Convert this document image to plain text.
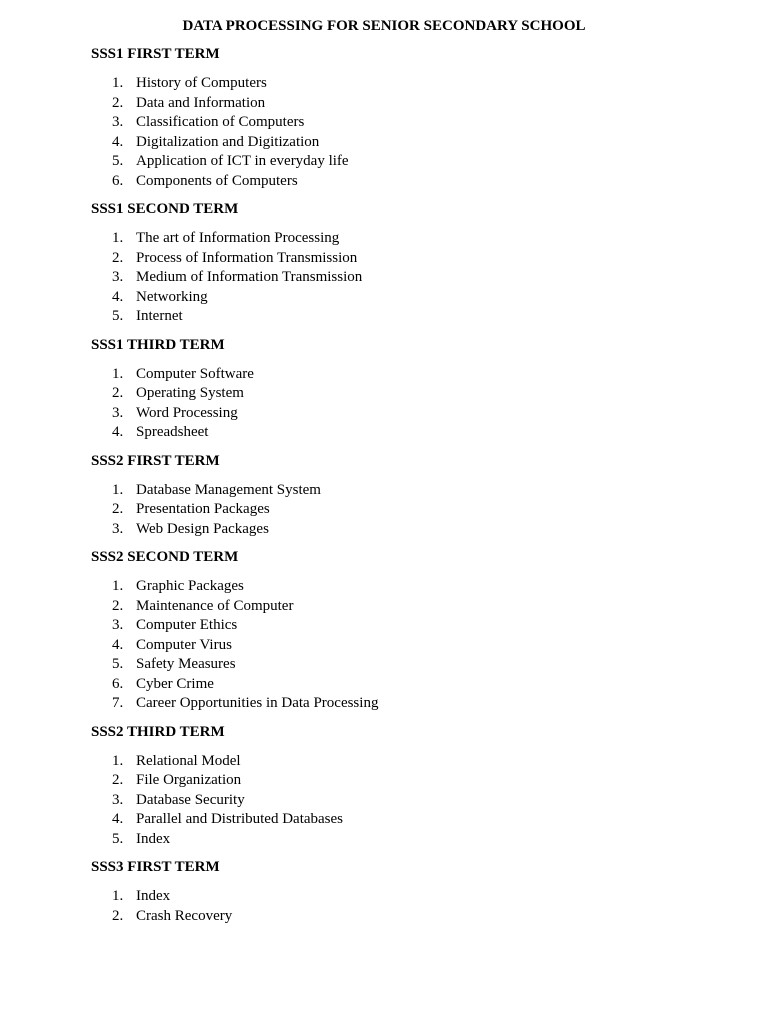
DATA PROCESSING FOR SENIOR SECONDARY SCHOOL
SSS1 FIRST TERM
1. History of Computers
2. Data and Information
3. Classification of Computers
4. Digitalization and Digitization
5. Application of ICT in everyday life
6. Components of Computers
SSS1 SECOND TERM
1. The art of Information Processing
2. Process of Information Transmission
3. Medium of Information Transmission
4. Networking
5. Internet
SSS1 THIRD TERM
1. Computer Software
2. Operating System
3. Word Processing
4. Spreadsheet
SSS2 FIRST TERM
1. Database Management System
2. Presentation Packages
3. Web Design Packages
SSS2 SECOND TERM
1. Graphic Packages
2. Maintenance of Computer
3. Computer Ethics
4. Computer Virus
5. Safety Measures
6. Cyber Crime
7. Career Opportunities in Data Processing
SSS2 THIRD TERM
1. Relational Model
2. File Organization
3. Database Security
4. Parallel and Distributed Databases
5. Index
SSS3 FIRST TERM
1. Index
2. Crash Recovery
